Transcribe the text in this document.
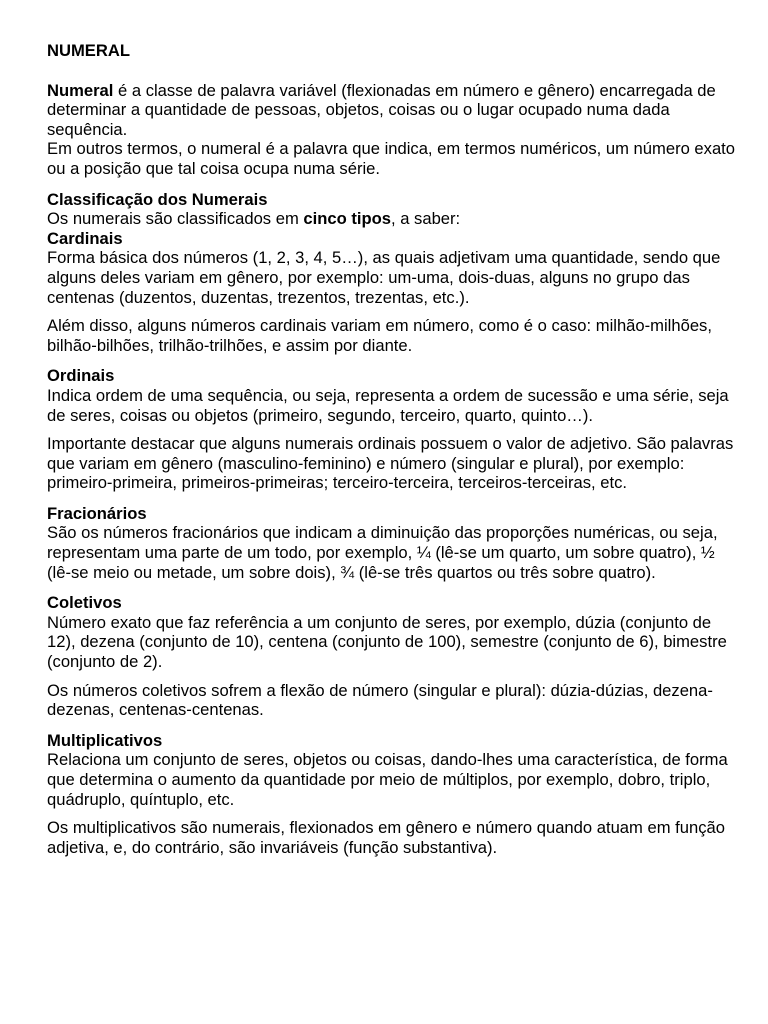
NUMERAL

Numeral é a classe de palavra variável (flexionadas em número e gênero) encarregada de determinar a quantidade de pessoas, objetos, coisas ou o lugar ocupado numa dada sequência.

Em outros termos, o numeral é a palavra que indica, em termos numéricos, um número exato ou a posição que tal coisa ocupa numa série.

Classificação dos Numerais

Os numerais são classificados em cinco tipos, a saber:

Cardinais

Forma básica dos números (1, 2, 3, 4, 5…), as quais adjetivam uma quantidade, sendo que alguns deles variam em gênero, por exemplo: um-uma, dois-duas, alguns no grupo das centenas (duzentos, duzentas, trezentos, trezentas, etc.).

Além disso, alguns números cardinais variam em número, como é o caso: milhão-milhões, bilhão-bilhões, trilhão-trilhões, e assim por diante.

Ordinais

Indica ordem de uma sequência, ou seja, representa a ordem de sucessão e uma série, seja de seres, coisas ou objetos (primeiro, segundo, terceiro, quarto, quinto…).

Importante destacar que alguns numerais ordinais possuem o valor de adjetivo. São palavras que variam em gênero (masculino-feminino) e número (singular e plural), por exemplo: primeiro-primeira, primeiros-primeiras; terceiro-terceira, terceiros-terceiras, etc.

Fracionários

São os números fracionários que indicam a diminuição das proporções numéricas, ou seja, representam uma parte de um todo, por exemplo, ¼ (lê-se um quarto, um sobre quatro), ½ (lê-se meio ou metade, um sobre dois), ¾ (lê-se três quartos ou três sobre quatro).

Coletivos

Número exato que faz referência a um conjunto de seres, por exemplo, dúzia (conjunto de 12), dezena (conjunto de 10), centena (conjunto de 100), semestre (conjunto de 6), bimestre (conjunto de 2).

Os números coletivos sofrem a flexão de número (singular e plural): dúzia-dúzias, dezena-dezenas, centenas-centenas.

Multiplicativos

Relaciona um conjunto de seres, objetos ou coisas, dando-lhes uma característica, de forma que determina o aumento da quantidade por meio de múltiplos, por exemplo, dobro, triplo, quádruplo, quíntuplo, etc.

Os multiplicativos são numerais, flexionados em gênero e número quando atuam em função adjetiva, e, do contrário, são invariáveis (função substantiva).
